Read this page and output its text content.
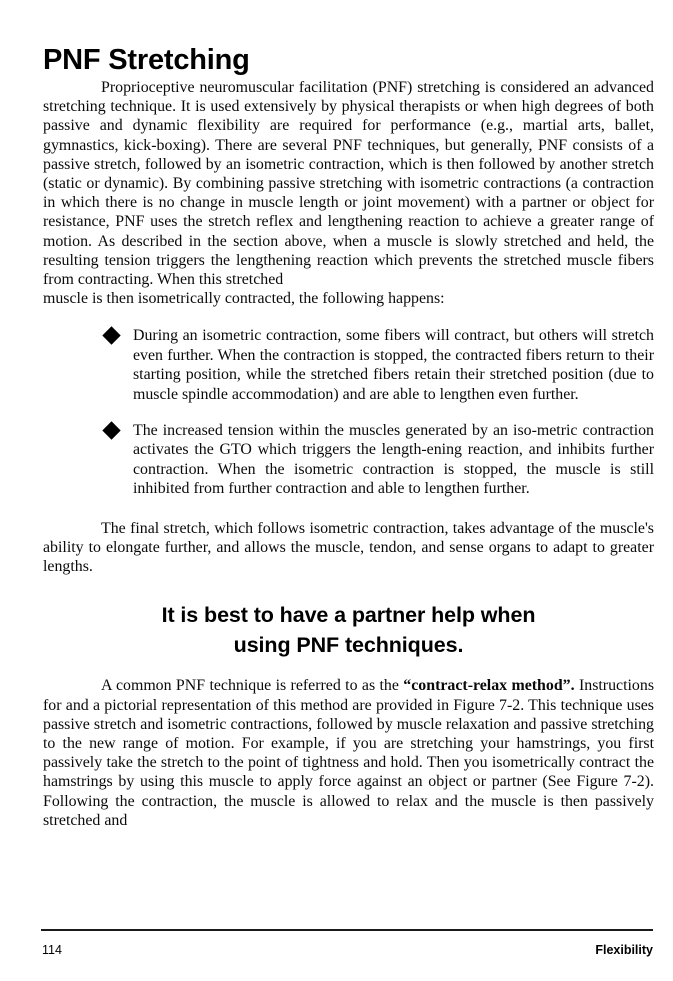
PNF Stretching

Proprioceptive neuromuscular facilitation (PNF) stretching is considered an advanced stretching technique. It is used extensively by physical therapists or when high degrees of both passive and dynamic flexibility are required for performance (e.g., martial arts, ballet, gymnastics, kick-boxing). There are several PNF techniques, but generally, PNF consists of a passive stretch, followed by an isometric contraction, which is then followed by another stretch (static or dynamic). By combining passive stretching with isometric contractions (a contraction in which there is no change in muscle length or joint movement) with a partner or object for resistance, PNF uses the stretch reflex and lengthening reaction to achieve a greater range of motion. As described in the section above, when a muscle is slowly stretched and held, the resulting tension triggers the lengthening reaction which prevents the stretched muscle fibers from contracting. When this stretched

muscle is then isometrically contracted, the following happens:

During an isometric contraction, some fibers will contract, but others will stretch even further. When the contraction is stopped, the contracted fibers return to their starting position, while the stretched fibers retain their stretched position (due to muscle spindle accommodation) and are able to lengthen even further.
The increased tension within the muscles generated by an iso-metric contraction activates the GTO which triggers the length-ening reaction, and inhibits further contraction. When the isometric contraction is stopped, the muscle is still inhibited from further contraction and able to lengthen further.

The final stretch, which follows isometric contraction, takes advantage of the muscle's ability to elongate further, and allows the muscle, tendon, and sense organs to adapt to greater lengths.

It is best to have a partner help when
using PNF techniques.

A common PNF technique is referred to as the “contract-relax method”. Instructions for and a pictorial representation of this method are provided in Figure 7-2. This technique uses passive stretch and isometric contractions, followed by muscle relaxation and passive stretching to the new range of motion. For example, if you are stretching your hamstrings, you first passively take the stretch to the point of tightness and hold. Then you isometrically contract the hamstrings by using this muscle to apply force against an object or partner (See Figure 7-2). Following the contraction, the muscle is allowed to relax and the muscle is then passively stretched and

114	Flexibility
